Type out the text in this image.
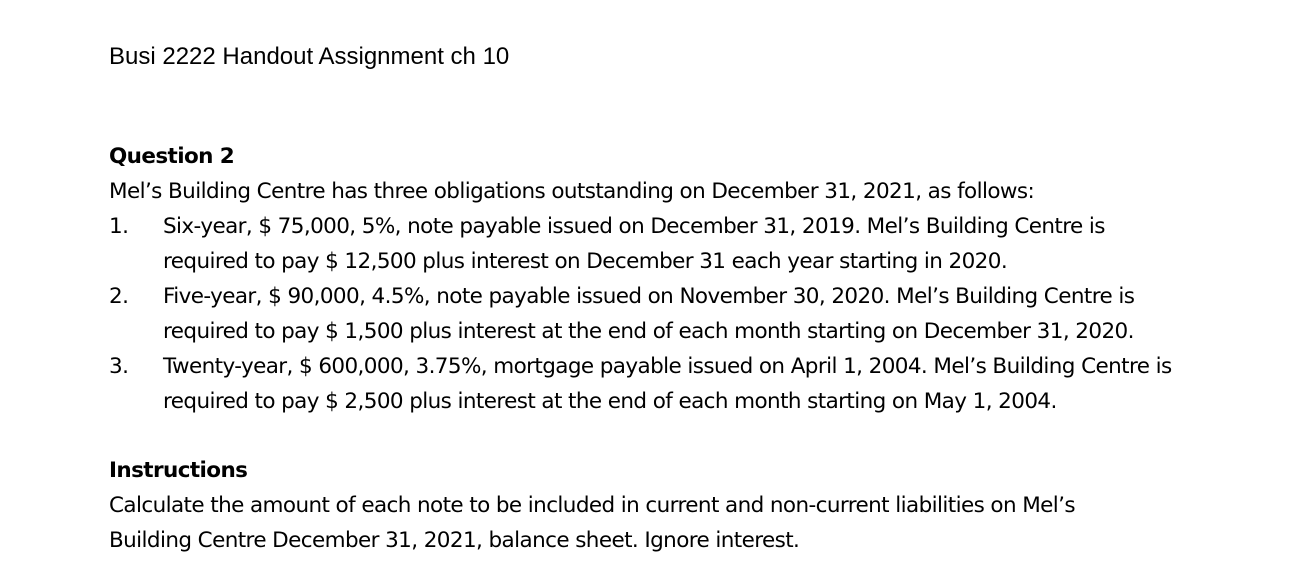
Busi 2222 Handout Assignment ch 10
Question 2
Mel’s Building Centre has three obligations outstanding on December 31, 2021, as follows:
1.	Six-year, $ 75,000, 5%, note payable issued on December 31, 2019. Mel’s Building Centre is
required to pay $ 12,500 plus interest on December 31 each year starting in 2020.
2.	Five-year, $ 90,000, 4.5%, note payable issued on November 30, 2020. Mel’s Building Centre is
required to pay $ 1,500 plus interest at the end of each month starting on December 31, 2020.
3.	Twenty-year, $ 600,000, 3.75%, mortgage payable issued on April 1, 2004. Mel’s Building Centre is
required to pay $ 2,500 plus interest at the end of each month starting on May 1, 2004.
Instructions
Calculate the amount of each note to be included in current and non-current liabilities on Mel’s
Building Centre December 31, 2021, balance sheet. Ignore interest.
